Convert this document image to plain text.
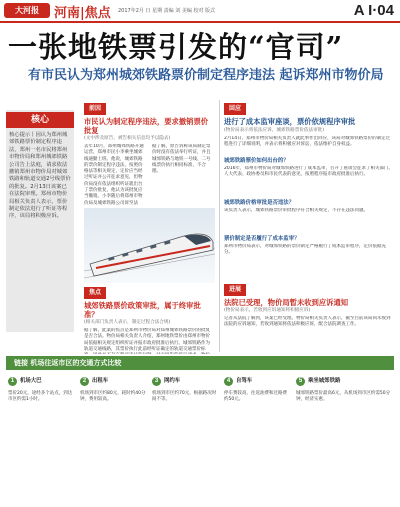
大河报	河南|焦点 2017年2月 日 星期 责编 刘 美编 校对 版式	A I·04
一张地铁票引发的“官司”
有市民认为郑州城郊铁路票价制定程序违法 起诉郑州市物价局
核心
核心提示丨因认为郑州城郊铁路票价制定程序违法，郑州一名市民将郑州市物价局和郑州城郊铁路公司告上法庭，请求依法撤销郑州市物价局对城郊铁路和轨道交通2号线票价的批复。2月13日该案已在法院审理。郑州市物价局相关负责人表示，票价制定依法进行了听证等程序，该局将积极应诉。
前因
市民认为制定程序违法，要求撤销票价批复
(文中涉及原告、被告相关信息均予以隐去)
去年10月，郑州城郊铁路开通运营，郑州市民小李乘坐城郊线通勤上班。他说，城郊铁路的票价制定程序违法，按照价格法等相关规定，定价应当经过听证并公开征求意见，但物价局没有依法组织听证就出台了票价批复，他认为该批复应当撤销。小李随后将郑州市物价局及城郊铁路公司诉至法
据了解，原告诉称该局制定票价时没有依法举行听证，并且城郊铁路与地铁一号线、二号线票价执行相同标准，不合理。
焦点
城郊铁路票价政策审批，属于终审批准？
(相关部门负责人表示，制定过程合法合规)
据了解，此案的焦点是郑州市物价局对郑州城郊铁路票价的批复是否合法。物价局相关负责人介绍，郑州地铁票价由郑州市物价局依据相关规定组织听证并报市政府批准后执行。城郊铁路作为轨道交通线路，其票价执行此前经听证确定的轨道交通票价标
回应
进行了成本监审座谈，票价依规程序审批
(物价局表示将依法应诉，城郊铁路票价依法审批)
2月14日，郑州市物价局相关负责人就此事作出回应，该局对城郊铁路票价的制定过程进行了详细说明，并表示将积极应对诉讼，依法维护自身权益。
城郊铁路票价如何出台的？
2016年，郑州市物价局对城郊铁路进行了成本监审，召开了座谈会征求了相关部门、人大代表、政协委员和市民代表的意见，按照程序报市政府批准后执行。
城郊铁路价格审批是否违法？
该负责人表示，城郊铁路票价审批程序符合相关规定，不存在违法问题。
票价制定是否履行了成本监审？
郑州市物价局表示，对城郊铁路的票价制定严格履行了成本监审程序，定价依据充分。
进展
法院已受理，物价局暂未收到应诉通知
(物价局表示，若收到应诉通知将积极应诉)
记者从法院了解到，该案已经受理。物价局相关负责人表示，截至目前该局尚未收到法院的应诉通知，若收到通知将依法积极应诉，配合法院调查工作。
链接 机场往返市区的交通方式比较
1	机场大巴
票价20元，途经多个站点，到达市区约需1小时。
2	出租车
机场到市区约80元，耗时约40分钟，费用较高。
3	网约车
机场到市区约70元，根据路况时间不等。
4	自驾车
停车费较高，往返油费和过路费约50元。
5	乘坐城郊铁路
城郊铁路票价最高6元，从机场到市区约需50分钟，经济实惠。
